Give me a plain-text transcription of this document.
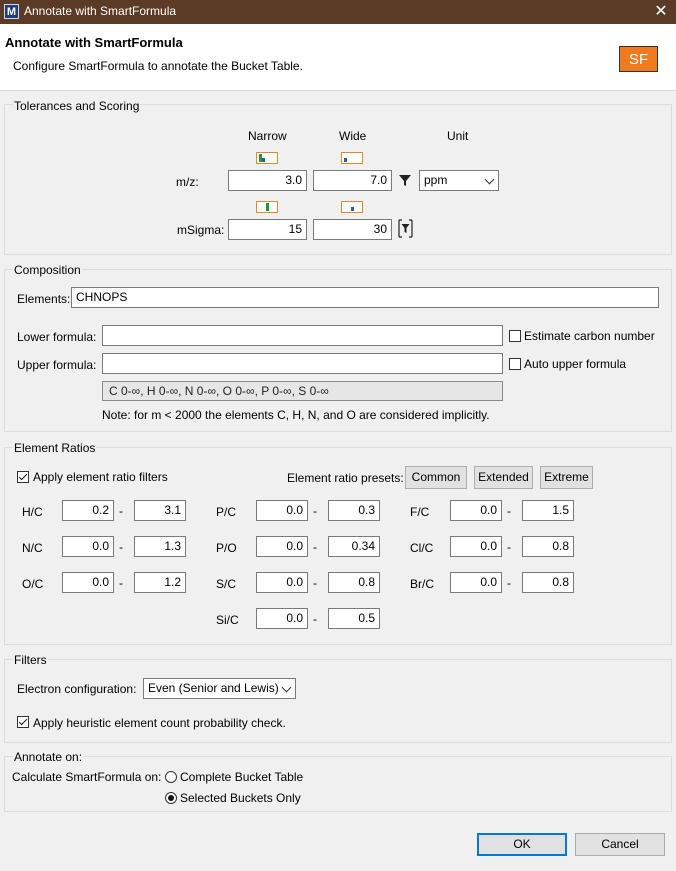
M Annotate with SmartFormula	✕
Annotate with SmartFormula
Configure SmartFormula to annotate the Bucket Table.	SF
Tolerances and Scoring
Narrow	Wide	Unit
m/z:	3.0	7.0	ppm
mSigma:	15	30
Composition
Elements: CHNOPS
Lower formula:	Estimate carbon number
Upper formula:	Auto upper formula
C 0-∞, H 0-∞, N 0-∞, O 0-∞, P 0-∞, S 0-∞
Note: for m < 2000 the elements C, H, N, and O are considered implicitly.
Element Ratios
Apply element ratio filters	Element ratio presets: Common	Extended	Extreme
H/C	0.2 -	3.1
N/C	0.0 -	1.3
O/C	0.0 -	1.2
P/C	0.0 -	0.3
P/O	0.0 -	0.34
S/C	0.0 -	0.8
Si/C	0.0 -	0.5
F/C	0.0 -	1.5
Cl/C	0.0 -	0.8
Br/C	0.0 -	0.8
Filters
Electron configuration: Even (Senior and Lewis)
Apply heuristic element count probability check.
Annotate on:
Calculate SmartFormula on: Complete Bucket Table
Selected Buckets Only
OK	Cancel
